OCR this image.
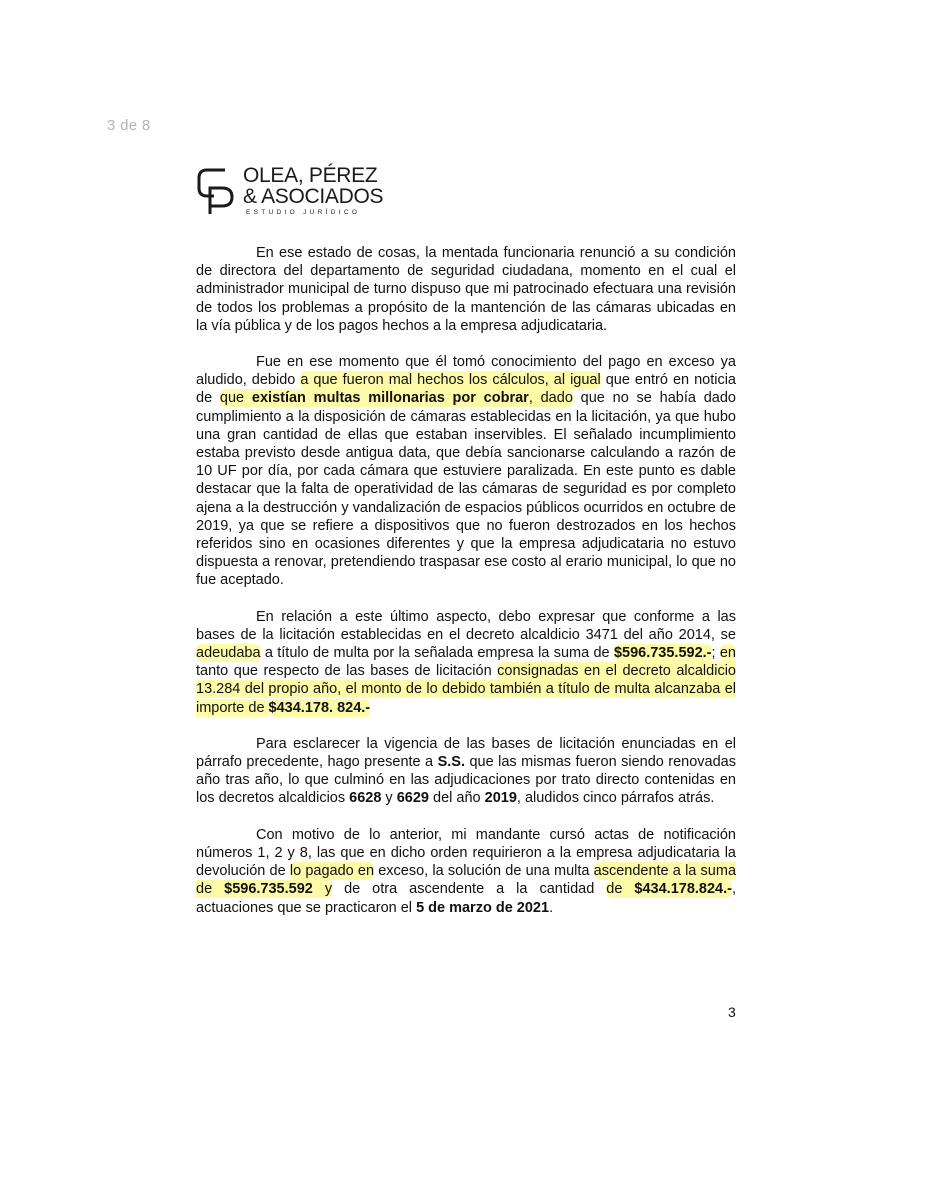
3 de 8
OLEA, PÉREZ
& ASOCIADOS
ESTUDIO JURÍDICO

En ese estado de cosas, la mentada funcionaria renunció a su condición de directora del departamento de seguridad ciudadana, momento en el cual el administrador municipal de turno dispuso que mi patrocinado efectuara una revisión de todos los problemas a propósito de la mantención de las cámaras ubicadas en la vía pública y de los pagos hechos a la empresa adjudicataria.

Fue en ese momento que él tomó conocimiento del pago en exceso ya aludido, debido a que fueron mal hechos los cálculos, al igual que entró en noticia de que existían multas millonarias por cobrar, dado que no se había dado cumplimiento a la disposición de cámaras establecidas en la licitación, ya que hubo una gran cantidad de ellas que estaban inservibles. El señalado incumplimiento estaba previsto desde antigua data, que debía sancionarse calculando a razón de 10 UF por día, por cada cámara que estuviere paralizada. En este punto es dable destacar que la falta de operatividad de las cámaras de seguridad es por completo ajena a la destrucción y vandalización de espacios públicos ocurridos en octubre de 2019, ya que se refiere a dispositivos que no fueron destrozados en los hechos referidos sino en ocasiones diferentes y que la empresa adjudicataria no estuvo dispuesta a renovar, pretendiendo traspasar ese costo al erario municipal, lo que no fue aceptado.

En relación a este último aspecto, debo expresar que conforme a las bases de la licitación establecidas en el decreto alcaldicio 3471 del año 2014, se adeudaba a título de multa por la señalada empresa la suma de $596.735.592.-; en tanto que respecto de las bases de licitación consignadas en el decreto alcaldicio 13.284 del propio año, el monto de lo debido también a título de multa alcanzaba el importe de $434.178. 824.-

Para esclarecer la vigencia de las bases de licitación enunciadas en el párrafo precedente, hago presente a S.S. que las mismas fueron siendo renovadas año tras año, lo que culminó en las adjudicaciones por trato directo contenidas en los decretos alcaldicios 6628 y 6629 del año 2019, aludidos cinco párrafos atrás.

Con motivo de lo anterior, mi mandante cursó actas de notificación números 1, 2 y 8, las que en dicho orden requirieron a la empresa adjudicataria la devolución de lo pagado en exceso, la solución de una multa ascendente a la suma de $596.735.592 y de otra ascendente a la cantidad de $434.178.824.-, actuaciones que se practicaron el 5 de marzo de 2021.

3
